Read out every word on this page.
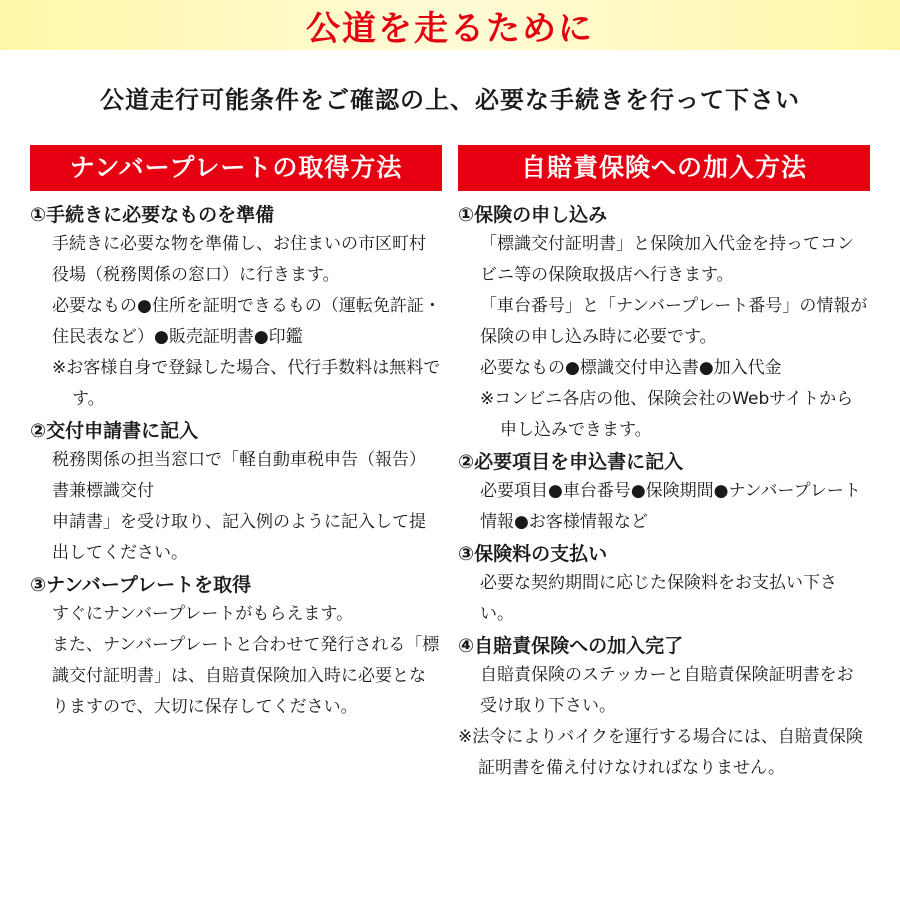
公道を走るために
公道走行可能条件をご確認の上、必要な手続きを行って下さい
ナンバープレートの取得方法
①手続きに必要なものを準備
手続きに必要な物を準備し、お住まいの市区町村役場（税務関係の窓口）に行きます。
必要なもの●住所を証明できるもの（運転免許証・住民表など）●販売証明書●印鑑
※お客様自身で登録した場合、代行手数料は無料です。
②交付申請書に記入
税務関係の担当窓口で「軽自動車税申告（報告）書兼標識交付
申請書」を受け取り、記入例のように記入して提出してください。
③ナンバープレートを取得
すぐにナンバープレートがもらえます。
また、ナンバープレートと合わせて発行される「標識交付証明書」は、自賠責保険加入時に必要となりますので、大切に保存してください。
自賠責保険への加入方法
①保険の申し込み
「標識交付証明書」と保険加入代金を持ってコンビニ等の保険取扱店へ行きます。
「車台番号」と「ナンバープレート番号」の情報が保険の申し込み時に必要です。
必要なもの●標識交付申込書●加入代金
※コンビニ各店の他、保険会社のWebサイトから申し込みできます。
②必要項目を申込書に記入
必要項目●車台番号●保険期間●ナンバープレート情報●お客様情報など
③保険料の支払い
必要な契約期間に応じた保険料をお支払い下さい。
④自賠責保険への加入完了
自賠責保険のステッカーと自賠責保険証明書をお受け取り下さい。
※法令によりバイクを運行する場合には、自賠責保険証明書を備え付けなければなりません。
